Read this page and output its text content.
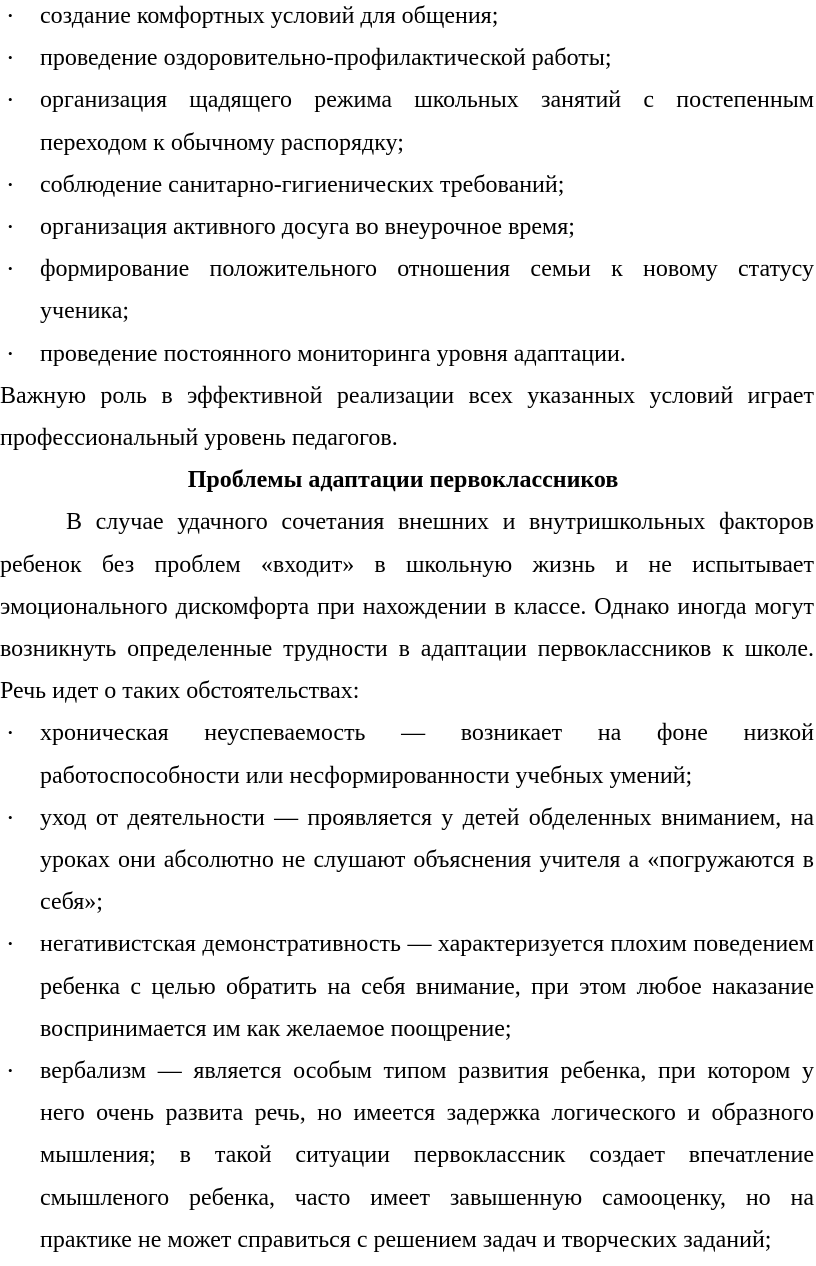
• создание комфортных условий для общения;
• проведение оздоровительно-профилактической работы;
• организация щадящего режима школьных занятий с постепенным переходом к обычному распорядку;
• соблюдение санитарно-гигиенических требований;
• организация активного досуга во внеурочное время;
• формирование положительного отношения семьи к новому статусу ученика;
• проведение постоянного мониторинга уровня адаптации.

Важную роль в эффективной реализации всех указанных условий играет профессиональный уровень педагогов.

Проблемы адаптации первоклассников

В случае удачного сочетания внешних и внутришкольных факторов ребенок без проблем «входит» в школьную жизнь и не испытывает эмоционального дискомфорта при нахождении в классе. Однако иногда могут возникнуть определенные трудности в адаптации первоклассников к школе. Речь идет о таких обстоятельствах:

• хроническая неуспеваемость — возникает на фоне низкой работоспособности или несформированности учебных умений;
• уход от деятельности — проявляется у детей обделенных вниманием, на уроках они абсолютно не слушают объяснения учителя а «погружаются в себя»;
• негативистская демонстративность — характеризуется плохим поведением ребенка с целью обратить на себя внимание, при этом любое наказание воспринимается им как желаемое поощрение;
• вербализм — является особым типом развития ребенка, при котором у него очень развита речь, но имеется задержка логического и образного мышления; в такой ситуации первоклассник создает впечатление смышленого ребенка, часто имеет завышенную самооценку, но на практике не может справиться с решением задач и творческих заданий;
